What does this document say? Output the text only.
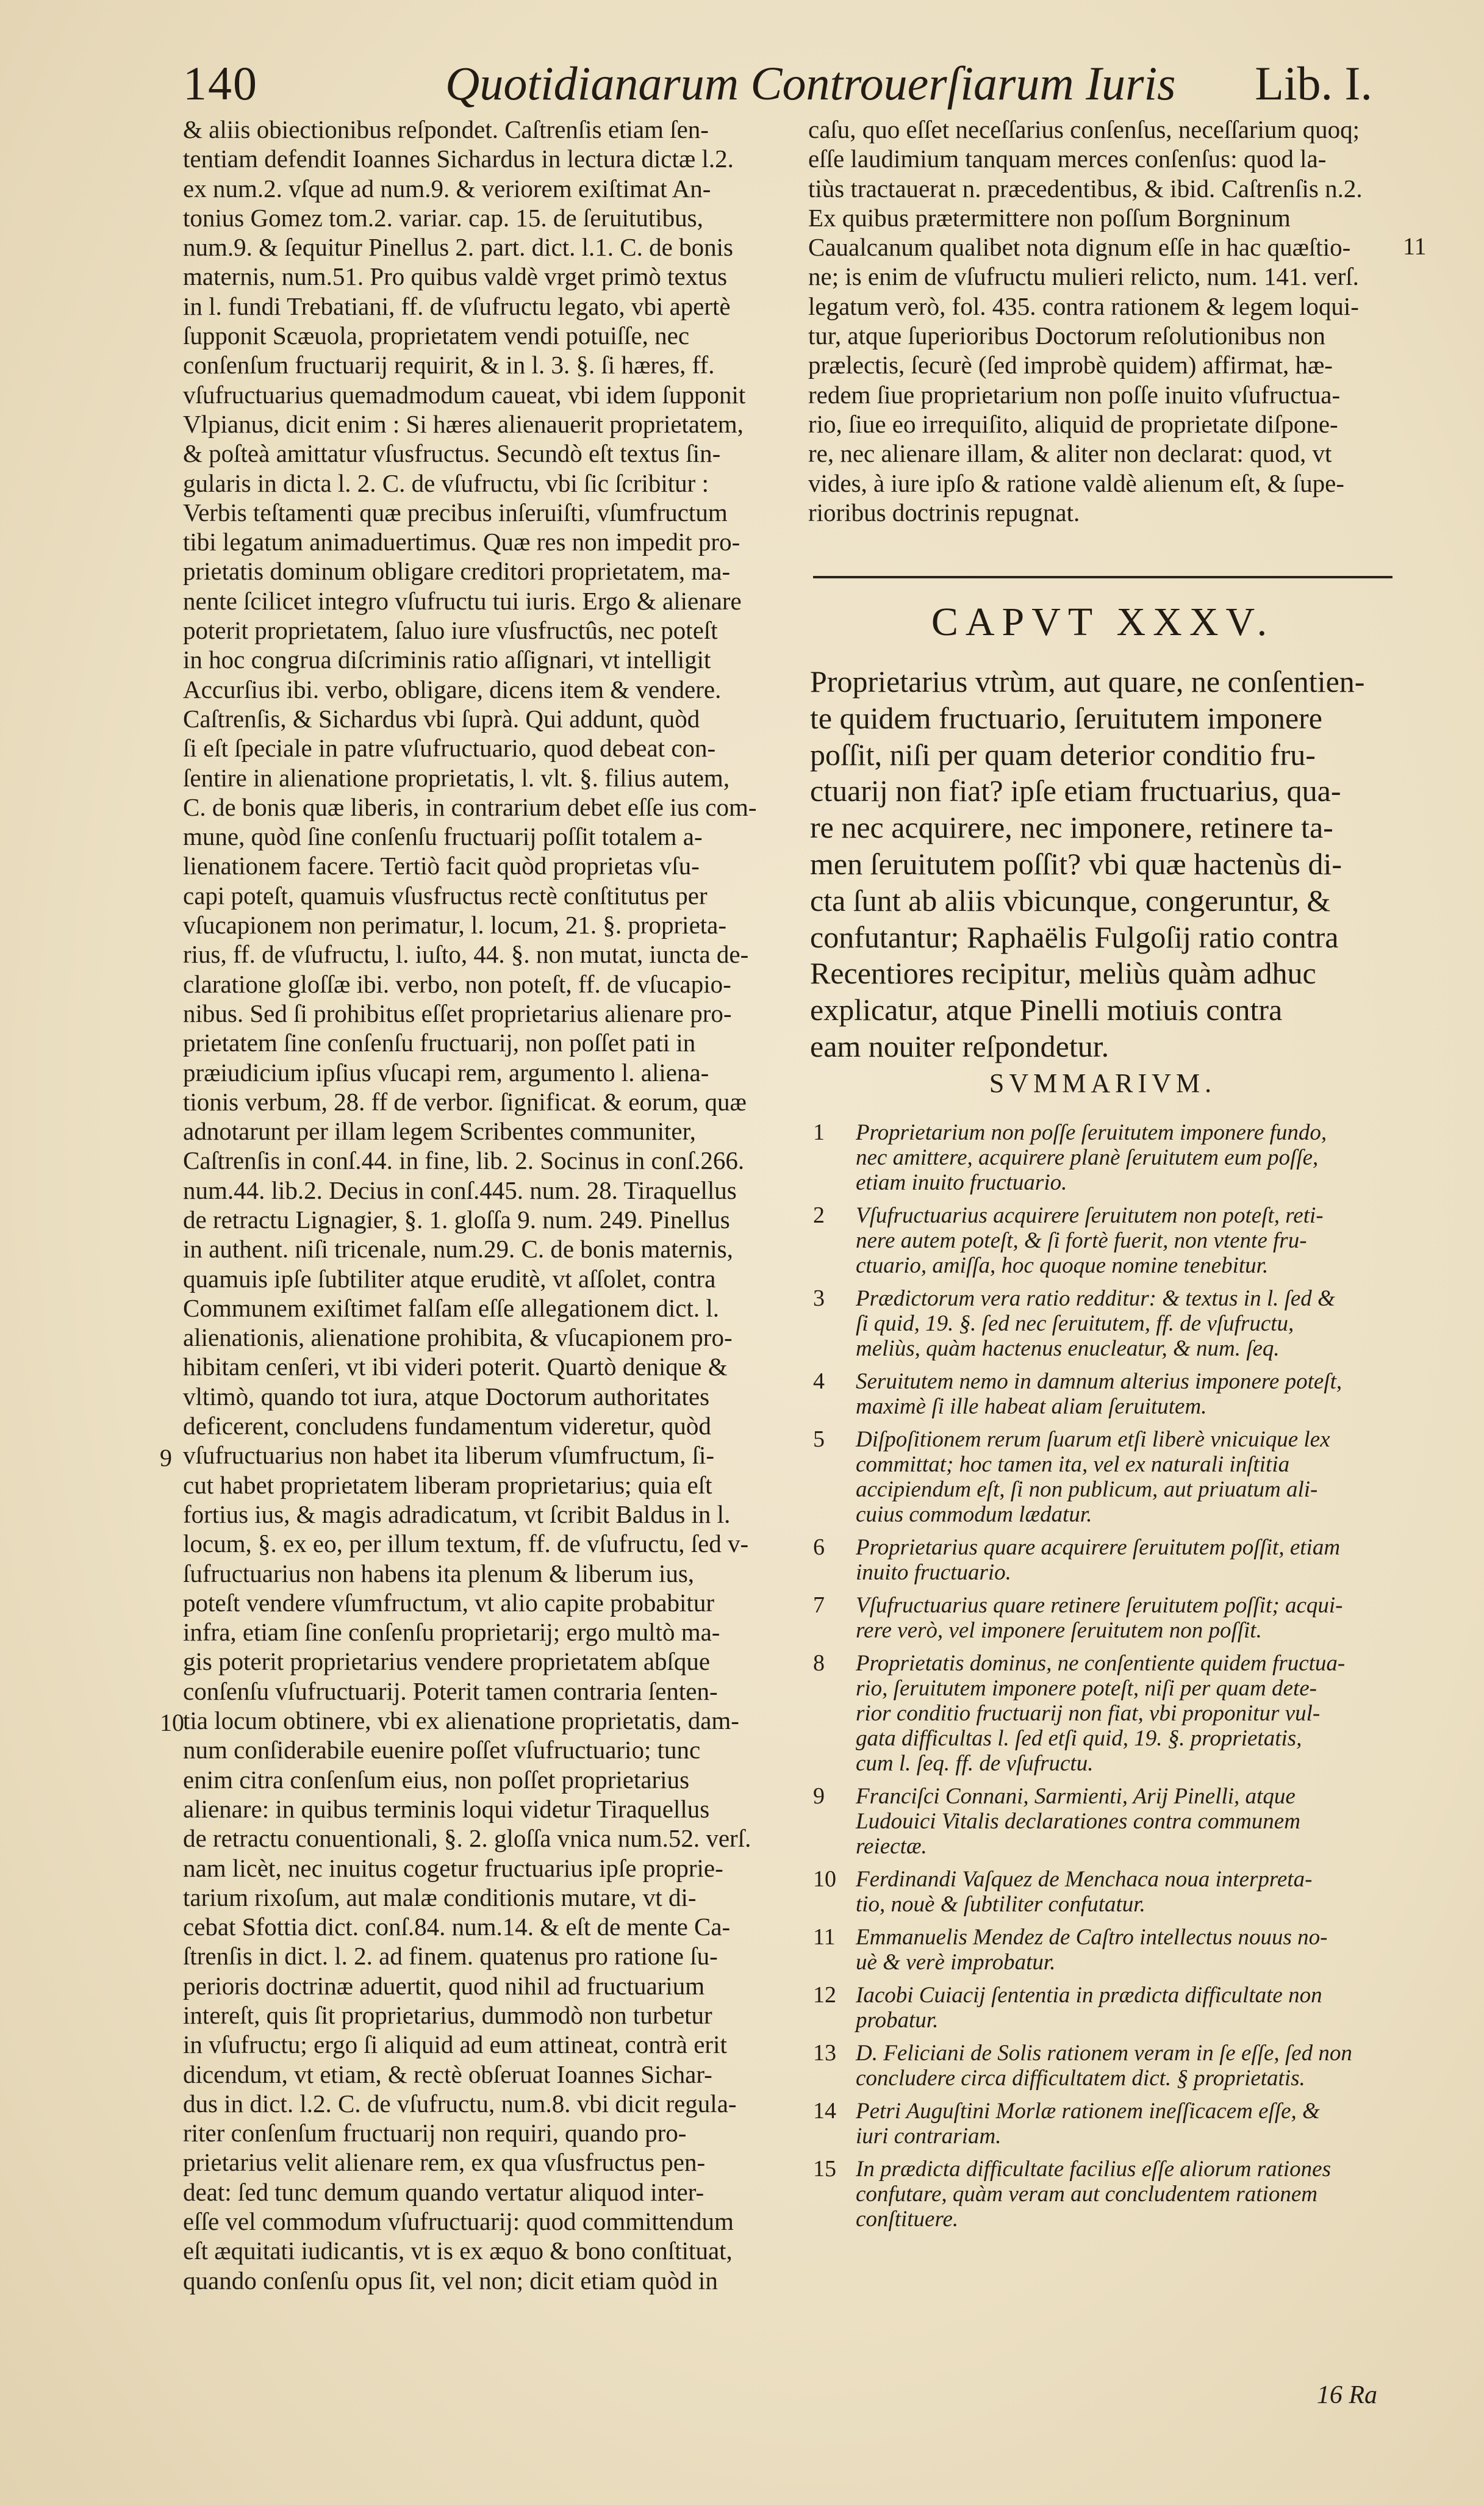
140	Quotidianarum Controuerſiarum Iuris Lib. I.

& aliis obiectionibus reſpondet. Caſtrenſis etiam ſen-

tentiam defendit Ioannes Sichardus in lectura dictæ l.2.

ex num.2. vſque ad num.9. & veriorem exiſtimat An-

tonius Gomez tom.2. variar. cap. 15. de ſeruitutibus,

num.9. & ſequitur Pinellus 2. part. dict. l.1. C. de bonis

maternis, num.51. Pro quibus valdè vrget primò textus

in l. fundi Trebatiani, ff. de vſufructu legato, vbi apertè

ſupponit Scæuola, proprietatem vendi potuiſſe, nec

conſenſum fructuarij requirit, & in l. 3. §. ſi hæres, ff.

vſufructuarius quemadmodum caueat, vbi idem ſupponit

Vlpianus, dicit enim : Si hæres alienauerit proprietatem,

& poſteà amittatur vſusfructus. Secundò eſt textus ſin-

gularis in dicta l. 2. C. de vſufructu, vbi ſic ſcribitur :

Verbis teſtamenti quæ precibus inſeruiſti, vſumfructum

tibi legatum animaduertimus. Quæ res non impedit pro-

prietatis dominum obligare creditori proprietatem, ma-

nente ſcilicet integro vſufructu tui iuris. Ergo & alienare

poterit proprietatem, ſaluo iure vſusfructûs, nec poteſt

in hoc congrua diſcriminis ratio aſſignari, vt intelligit

Accurſius ibi. verbo, obligare, dicens item & vendere.

Caſtrenſis, & Sichardus vbi ſuprà. Qui addunt, quòd

ſi eſt ſpeciale in patre vſufructuario, quod debeat con-

ſentire in alienatione proprietatis, l. vlt. §. filius autem,

C. de bonis quæ liberis, in contrarium debet eſſe ius com-

mune, quòd ſine conſenſu fructuarij poſſit totalem a-

lienationem facere. Tertiò facit quòd proprietas vſu-

capi poteſt, quamuis vſusfructus rectè conſtitutus per

vſucapionem non perimatur, l. locum, 21. §. proprieta-

rius, ff. de vſufructu, l. iuſto, 44. §. non mutat, iuncta de-

claratione gloſſæ ibi. verbo, non poteſt, ff. de vſucapio-

nibus. Sed ſi prohibitus eſſet proprietarius alienare pro-

prietatem ſine conſenſu fructuarij, non poſſet pati in

præiudicium ipſius vſucapi rem, argumento l. aliena-

tionis verbum, 28. ff de verbor. ſignificat. & eorum, quæ

adnotarunt per illam legem Scribentes communiter,

Caſtrenſis in conſ.44. in fine, lib. 2. Socinus in conſ.266.

num.44. lib.2. Decius in conſ.445. num. 28. Tiraquellus

de retractu Lignagier, §. 1. gloſſa 9. num. 249. Pinellus

in authent. niſi tricenale, num.29. C. de bonis maternis,

quamuis ipſe ſubtiliter atque eruditè, vt aſſolet, contra

Communem exiſtimet falſam eſſe allegationem dict. l.

alienationis, alienatione prohibita, & vſucapionem pro-

hibitam cenſeri, vt ibi videri poterit. Quartò denique &

vltimò, quando tot iura, atque Doctorum authoritates

deficerent, concludens fundamentum videretur, quòd

vſufructuarius non habet ita liberum vſumfructum, ſi-

cut habet proprietatem liberam proprietarius; quia eſt

fortius ius, & magis adradicatum, vt ſcribit Baldus in l.

locum, §. ex eo, per illum textum, ff. de vſufructu, ſed v-

ſufructuarius non habens ita plenum & liberum ius,

poteſt vendere vſumfructum, vt alio capite probabitur

infra, etiam ſine conſenſu proprietarij; ergo multò ma-

gis poterit proprietarius vendere proprietatem abſque

conſenſu vſufructuarij. Poterit tamen contraria ſenten-

tia locum obtinere, vbi ex alienatione proprietatis, dam-

num conſiderabile euenire poſſet vſufructuario; tunc

enim citra conſenſum eius, non poſſet proprietarius

alienare: in quibus terminis loqui videtur Tiraquellus

de retractu conuentionali, §. 2. gloſſa vnica num.52. verſ.

nam licèt, nec inuitus cogetur fructuarius ipſe proprie-

tarium rixoſum, aut malæ conditionis mutare, vt di-

cebat Sfottia dict. conſ.84. num.14. & eſt de mente Ca-

ſtrenſis in dict. l. 2. ad finem. quatenus pro ratione ſu-

perioris doctrinæ aduertit, quod nihil ad fructuarium

intereſt, quis ſit proprietarius, dummodò non turbetur

in vſufructu; ergo ſi aliquid ad eum attineat, contrà erit

dicendum, vt etiam, & rectè obſeruat Ioannes Sichar-

dus in dict. l.2. C. de vſufructu, num.8. vbi dicit regula-

riter conſenſum fructuarij non requiri, quando pro-

prietarius velit alienare rem, ex qua vſusfructus pen-

deat: ſed tunc demum quando vertatur aliquod inter-

eſſe vel commodum vſufructuarij: quod committendum

eſt æquitati iudicantis, vt is ex æquo & bono conſtituat,

quando conſenſu opus ſit, vel non; dicit etiam quòd in

9
10

caſu, quo eſſet neceſſarius conſenſus, neceſſarium quoq;

eſſe laudimium tanquam merces conſenſus: quod la-

tiùs tractauerat n. præcedentibus, & ibid. Caſtrenſis n.2.

Ex quibus prætermittere non poſſum Borgninum

Caualcanum qualibet nota dignum eſſe in hac quæſtio-

ne; is enim de vſufructu mulieri relicto, num. 141. verſ.

legatum verò, fol. 435. contra rationem & legem loqui-

tur, atque ſuperioribus Doctorum reſolutionibus non

prælectis, ſecurè (ſed improbè quidem) affirmat, hæ-

redem ſiue proprietarium non poſſe inuito vſufructua-

rio, ſiue eo irrequiſito, aliquid de proprietate diſpone-

re, nec alienare illam, & aliter non declarat: quod, vt

vides, à iure ipſo & ratione valdè alienum eſt, & ſupe-

rioribus doctrinis repugnat.

11
CAPVT XXXV.

Proprietarius vtrùm, aut quare, ne conſentien-

te quidem fructuario, ſeruitutem imponere

poſſit, niſi per quam deterior conditio fru-

ctuarij non fiat? ipſe etiam fructuarius, qua-

re nec acquirere, nec imponere, retinere ta-

men ſeruitutem poſſit? vbi quæ hactenùs di-

cta ſunt ab aliis vbicunque, congeruntur, &

confutantur; Raphaëlis Fulgoſij ratio contra

Recentiores recipitur, meliùs quàm adhuc

explicatur, atque Pinelli motiuis contra

eam nouiter reſpondetur.

SVMMARIVM.
1	Proprietarium non poſſe ſeruitutem imponere fundo,

nec amittere, acquirere planè ſeruitutem eum poſſe,

etiam inuito fructuario.

2	Vſufructuarius acquirere ſeruitutem non poteſt, reti-

nere autem poteſt, & ſi fortè fuerit, non vtente fru-

ctuario, amiſſa, hoc quoque nomine tenebitur.

3	Prædictorum vera ratio redditur: & textus in l. ſed &

ſi quid, 19. §. ſed nec ſeruitutem, ff. de vſufructu,

meliùs, quàm hactenus enucleatur, & num. ſeq.

4	Seruitutem nemo in damnum alterius imponere poteſt,

maximè ſi ille habeat aliam ſeruitutem.

5	Diſpoſitionem rerum ſuarum etſi liberè vnicuique lex

committat; hoc tamen ita, vel ex naturali inſtitia

accipiendum eſt, ſi non publicum, aut priuatum ali-

cuius commodum lædatur.

6	Proprietarius quare acquirere ſeruitutem poſſit, etiam

inuito fructuario.

7	Vſufructuarius quare retinere ſeruitutem poſſit; acqui-

rere verò, vel imponere ſeruitutem non poſſit.

8	Proprietatis dominus, ne conſentiente quidem fructua-

rio, ſeruitutem imponere poteſt, niſi per quam dete-

rior conditio fructuarij non fiat, vbi proponitur vul-

gata difficultas l. ſed etſi quid, 19. §. proprietatis,

cum l. ſeq. ff. de vſufructu.

9	Franciſci Connani, Sarmienti, Arij Pinelli, atque

Ludouici Vitalis declarationes contra communem

reiectæ.

10 Ferdinandi Vaſquez de Menchaca noua interpreta-

tio, nouè & ſubtiliter confutatur.

11 Emmanuelis Mendez de Caſtro intellectus nouus no-

uè & verè improbatur.

12 Iacobi Cuiacij ſententia in prædicta difficultate non

probatur.

13 D. Feliciani de Solis rationem veram in ſe eſſe, ſed non

concludere circa difficultatem dict. § proprietatis.

14 Petri Auguſtini Morlæ rationem ineſſicacem eſſe, &

iuri contrariam.

15 In prædicta difficultate facilius eſſe aliorum rationes

confutare, quàm veram aut concludentem rationem

conſtituere.

16 Ra
